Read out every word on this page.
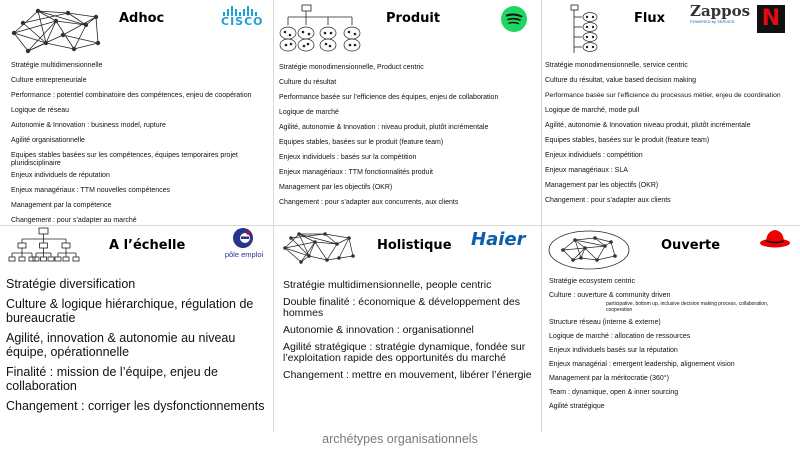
Adhoc	CISCO
Stratégie multidimensionnelle
Culture entrepreneuriale
Performance : potentiel combinatoire des compétences, enjeu de coopération
Logique de réseau
Autonomie & Innovation : business model, rupture
Agilité organisationnelle
Equipes stables basées sur les compétences, équipes temporaires projet pluridisciplinaire
Enjeux individuels de réputation
Enjeux managériaux : TTM nouvelles compétences
Management par la compétence
Changement : pour s’adapter au marché
Produit
Stratégie monodimensionnelle, Product centric
Culture du résultat
Performance basée sur l’efficience des équipes, enjeu de collaboration
Logique de marché
Agilité, autonomie & Innovation : niveau produit, plutôt incrémentale
Equipes stables, basées sur le produit (feature team)
Enjeux individuels : basés sur la compétition
Enjeux managériaux : TTM fonctionnalités produit
Management par les objectifs (OKR)
Changement : pour s’adapter aux concurrents, aux clients
Flux Zappos
POWERED by SERVICE	N
Stratégie monodimensionnelle, service centric
Culture du résultat, value based decision making
Performance basée sur l’efficience du processus métier, enjeu de coordination
Logique de marché, mode pull
Agilité, autonomie & Innovation niveau produit, plutôt incrémentale
Equipes stables, basées sur le produit (feature team)
Enjeux individuels : compétition
Enjeux managériaux : SLA
Management par les objectifs (OKR)
Changement : pour s’adapter aux clients
A l’échelle
pôle emploi
Stratégie diversification
Culture & logique hiérarchique, régulation de bureaucratie
Agilité, innovation & autonomie au niveau équipe, opérationnelle
Finalité : mission de l’équipe, enjeu de collaboration
Changement : corriger les dysfonctionnements
Holistique Haier
Stratégie multidimensionnelle, people centric
Double finalité : économique & développement des hommes
Autonomie & innovation : organisationnel
Agilité stratégique : stratégie dynamique, fondée sur l’exploitation rapide des opportunités du marché
Changement : mettre en mouvement, libérer l’énergie
Ouverte
Stratégie ecosystem centric
Culture : ouverture & community driven
participative, bottom up, inclusive decision making process, collaboration, cooperation
Structure réseau (interne & externe)
Logique de marché : allocation de ressources
Enjeux individuels basés sur la réputation
Enjeux managérial : emergent leadership, alignement vision
Management par la méritocratie (360°)
Team : dynamique, open & inner sourcing
Agilité stratégique
archétypes organisationnels
